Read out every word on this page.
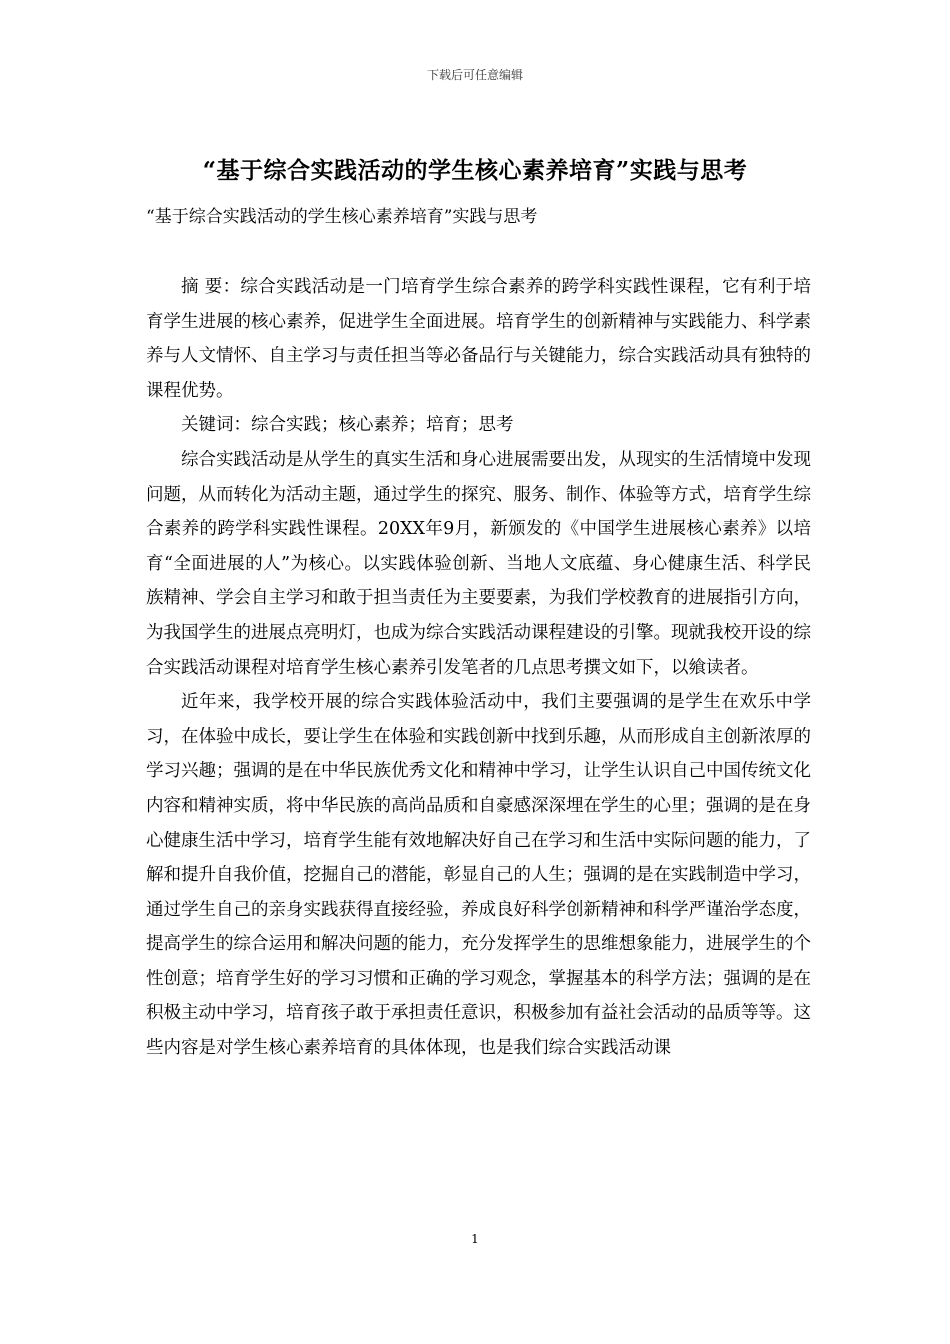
下载后可任意编辑
“基于综合实践活动的学生核心素养培育”实践与思考
“基于综合实践活动的学生核心素养培育”实践与思考

摘 要：综合实践活动是一门培育学生综合素养的跨学科实践性课程，它有利于培育学生进展的核心素养，促进学生全面进展。培育学生的创新精神与实践能力、科学素养与人文情怀、自主学习与责任担当等必备品行与关键能力，综合实践活动具有独特的课程优势。

关键词：综合实践；核心素养；培育；思考

综合实践活动是从学生的真实生活和身心进展需要出发，从现实的生活情境中发现问题，从而转化为活动主题，通过学生的探究、服务、制作、体验等方式，培育学生综合素养的跨学科实践性课程。20XX年9月，新颁发的《中国学生进展核心素养》以培育“全面进展的人”为核心。以实践体验创新、当地人文底蕴、身心健康生活、科学民族精神、学会自主学习和敢于担当责任为主要要素，为我们学校教育的进展指引方向，为我国学生的进展点亮明灯，也成为综合实践活动课程建设的引擎。现就我校开设的综合实践活动课程对培育学生核心素养引发笔者的几点思考撰文如下，以飨读者。

近年来，我学校开展的综合实践体验活动中，我们主要强调的是学生在欢乐中学习，在体验中成长，要让学生在体验和实践创新中找到乐趣，从而形成自主创新浓厚的学习兴趣；强调的是在中华民族优秀文化和精神中学习，让学生认识自己中国传统文化内容和精神实质，将中华民族的高尚品质和自豪感深深埋在学生的心里；强调的是在身心健康生活中学习，培育学生能有效地解决好自己在学习和生活中实际问题的能力，了解和提升自我价值，挖掘自己的潜能，彰显自己的人生；强调的是在实践制造中学习，通过学生自己的亲身实践获得直接经验，养成良好科学创新精神和科学严谨治学态度，提高学生的综合运用和解决问题的能力，充分发挥学生的思维想象能力，进展学生的个性创意；培育学生好的学习习惯和正确的学习观念，掌握基本的科学方法；强调的是在积极主动中学习，培育孩子敢于承担责任意识，积极参加有益社会活动的品质等等。这些内容是对学生核心素养培育的具体体现，也是我们综合实践活动课

1
